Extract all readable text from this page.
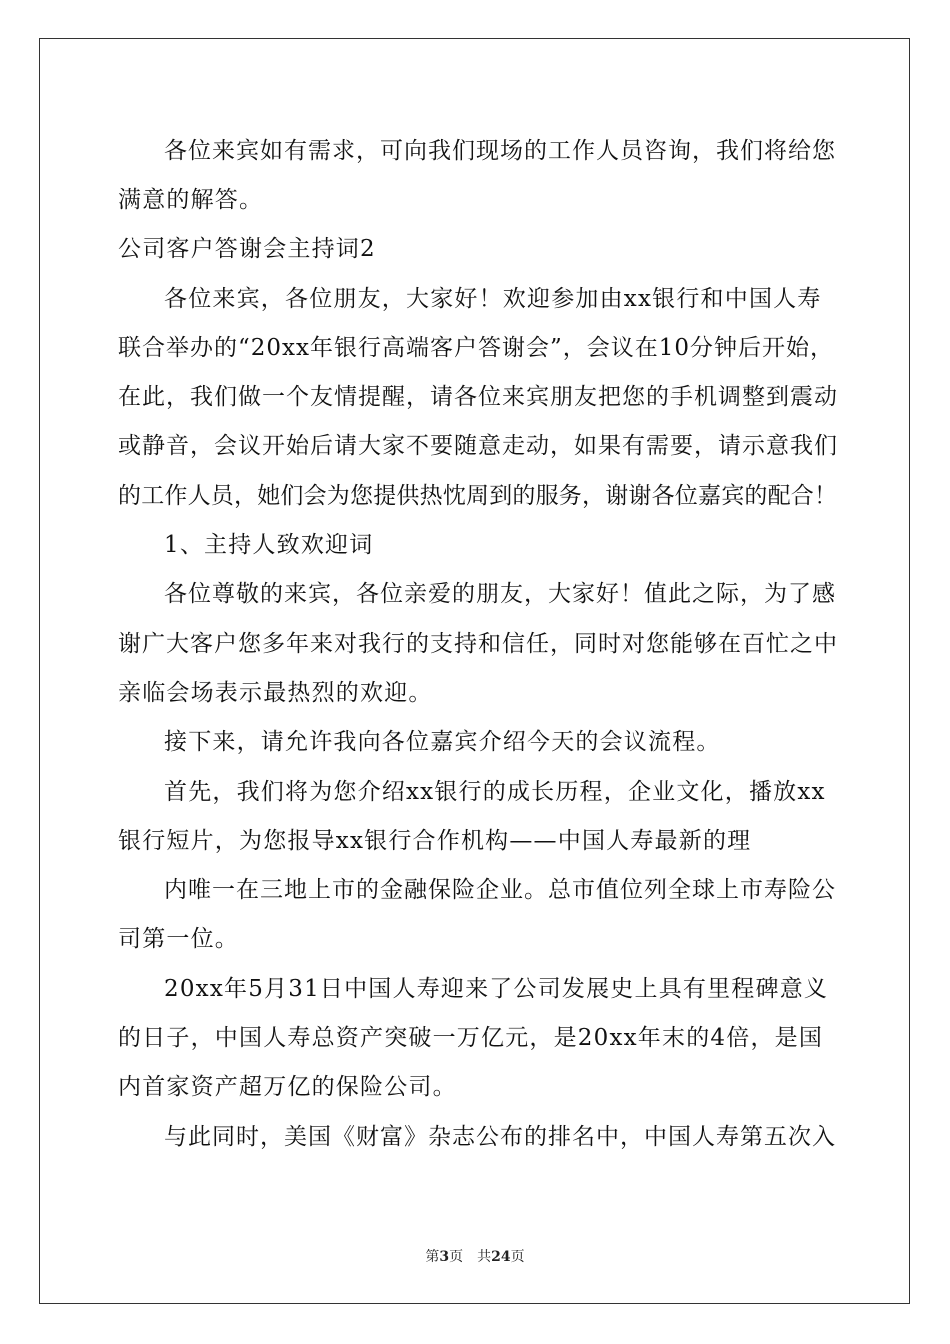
各位来宾如有需求，可向我们现场的工作人员咨询，我们将给您
满意的解答。
公司客户答谢会主持词2
各位来宾，各位朋友，大家好！欢迎参加由xx银行和中国人寿
联合举办的“20xx年银行高端客户答谢会”，会议在10分钟后开始，
在此，我们做一个友情提醒，请各位来宾朋友把您的手机调整到震动
或静音，会议开始后请大家不要随意走动，如果有需要，请示意我们
的工作人员，她们会为您提供热忱周到的服务，谢谢各位嘉宾的配合！
1、主持人致欢迎词
各位尊敬的来宾，各位亲爱的朋友，大家好！值此之际，为了感
谢广大客户您多年来对我行的支持和信任，同时对您能够在百忙之中
亲临会场表示最热烈的欢迎。
接下来，请允许我向各位嘉宾介绍今天的会议流程。
首先，我们将为您介绍xx银行的成长历程，企业文化，播放xx
银行短片，为您报导xx银行合作机构——中国人寿最新的理
内唯一在三地上市的金融保险企业。总市值位列全球上市寿险公
司第一位。
20xx年5月31日中国人寿迎来了公司发展史上具有里程碑意义
的日子，中国人寿总资产突破一万亿元，是20xx年末的4倍，是国
内首家资产超万亿的保险公司。
与此同时，美国《财富》杂志公布的排名中，中国人寿第五次入
第3页　共24页
